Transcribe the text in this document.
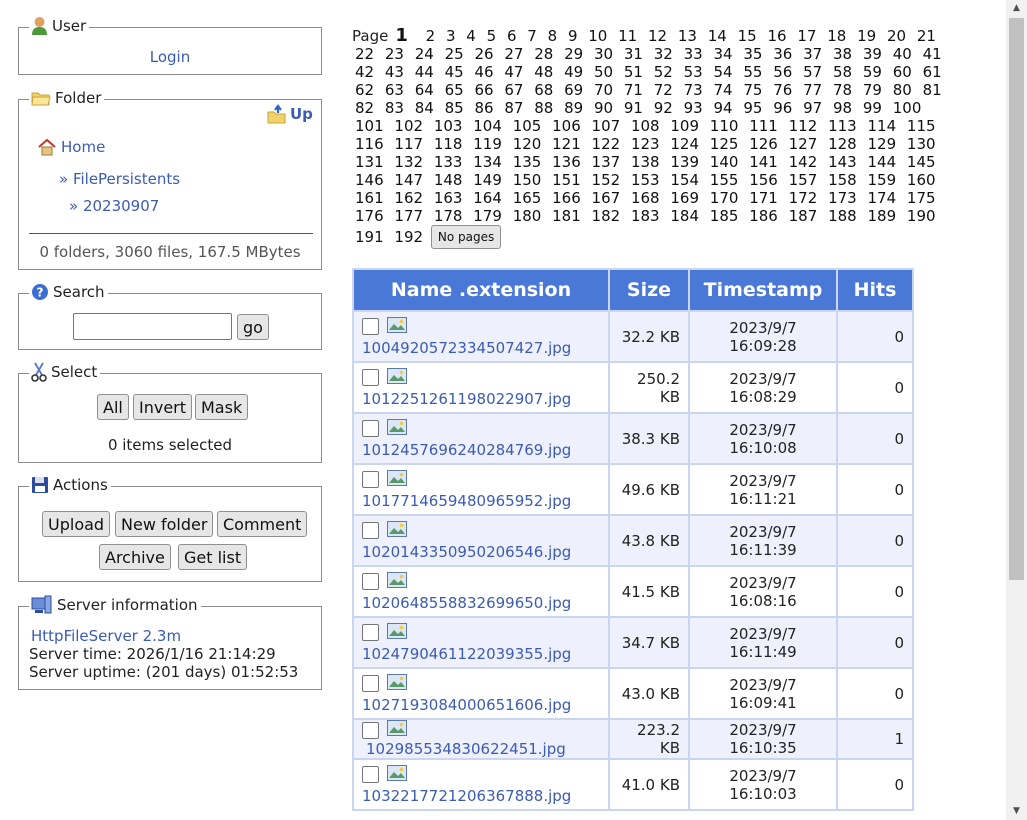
User
Login
Folder
Up
Home
» FilePersistents
» 20230907
0 folders, 3060 files, 167.5 MBytes
? Search
go
Select
All	Invert Mask
0 items selected
Actions
Upload	New folder Comment
Archive	Get list
Server information
HttpFileServer 2.3m
Server time: 2026/1/16 21:14:29
Server uptime: (201 days) 01:52:53
Page 1 2 3 4 5 6 7 8 9 10 11 12 13 14 15 16 17 18 19 20 21 22 23 24 25 26 27 28 29 30 31 32 33 34 35 36 37 38 39 40 41 42 43 44 45 46 47 48 49 50 51 52 53 54 55 56 57 58 59 60 61 62 63 64 65 66 67 68 69 70 71 72 73 74 75 76 77 78 79 80 81 82 83 84 85 86 87 88 89 90 91 92 93 94 95 96 97 98 99 100 101 102 103 104 105 106 107 108 109 110 111 112 113 114 115 116 117 118 119 120 121 122 123 124 125 126 127 128 129 130 131 132 133 134 135 136 137 138 139 140 141 142 143 144 145 146 147 148 149 150 151 152 153 154 155 156 157 158 159 160 161 162 163 164 165 166 167 168 169 170 171 172 173 174 175 176 177 178 179 180 181 182 183 184 185 186 187 188 189 190 191 192 No pages
Name .extension	Size	Timestamp	Hits

1004920572334507427.jpg	32.2 KB	2023/9/7 16:09:28	0

1012251261198022907.jpg	250.2 KB	2023/9/7 16:08:29	0

1012457696240284769.jpg	38.3 KB	2023/9/7 16:10:08	0

1017714659480965952.jpg	49.6 KB	2023/9/7 16:11:21	0

1020143350950206546.jpg	43.8 KB	2023/9/7 16:11:39	0

1020648558832699650.jpg	41.5 KB	2023/9/7 16:08:16	0

1024790461122039355.jpg	34.7 KB	2023/9/7 16:11:49	0

1027193084000651606.jpg	43.0 KB	2023/9/7 16:09:41	0
102985534830622451.jpg	223.2 KB	2023/9/7 16:10:35	1

1032217721206367888.jpg	41.0 KB	2023/9/7 16:10:03	0
▲
▼
